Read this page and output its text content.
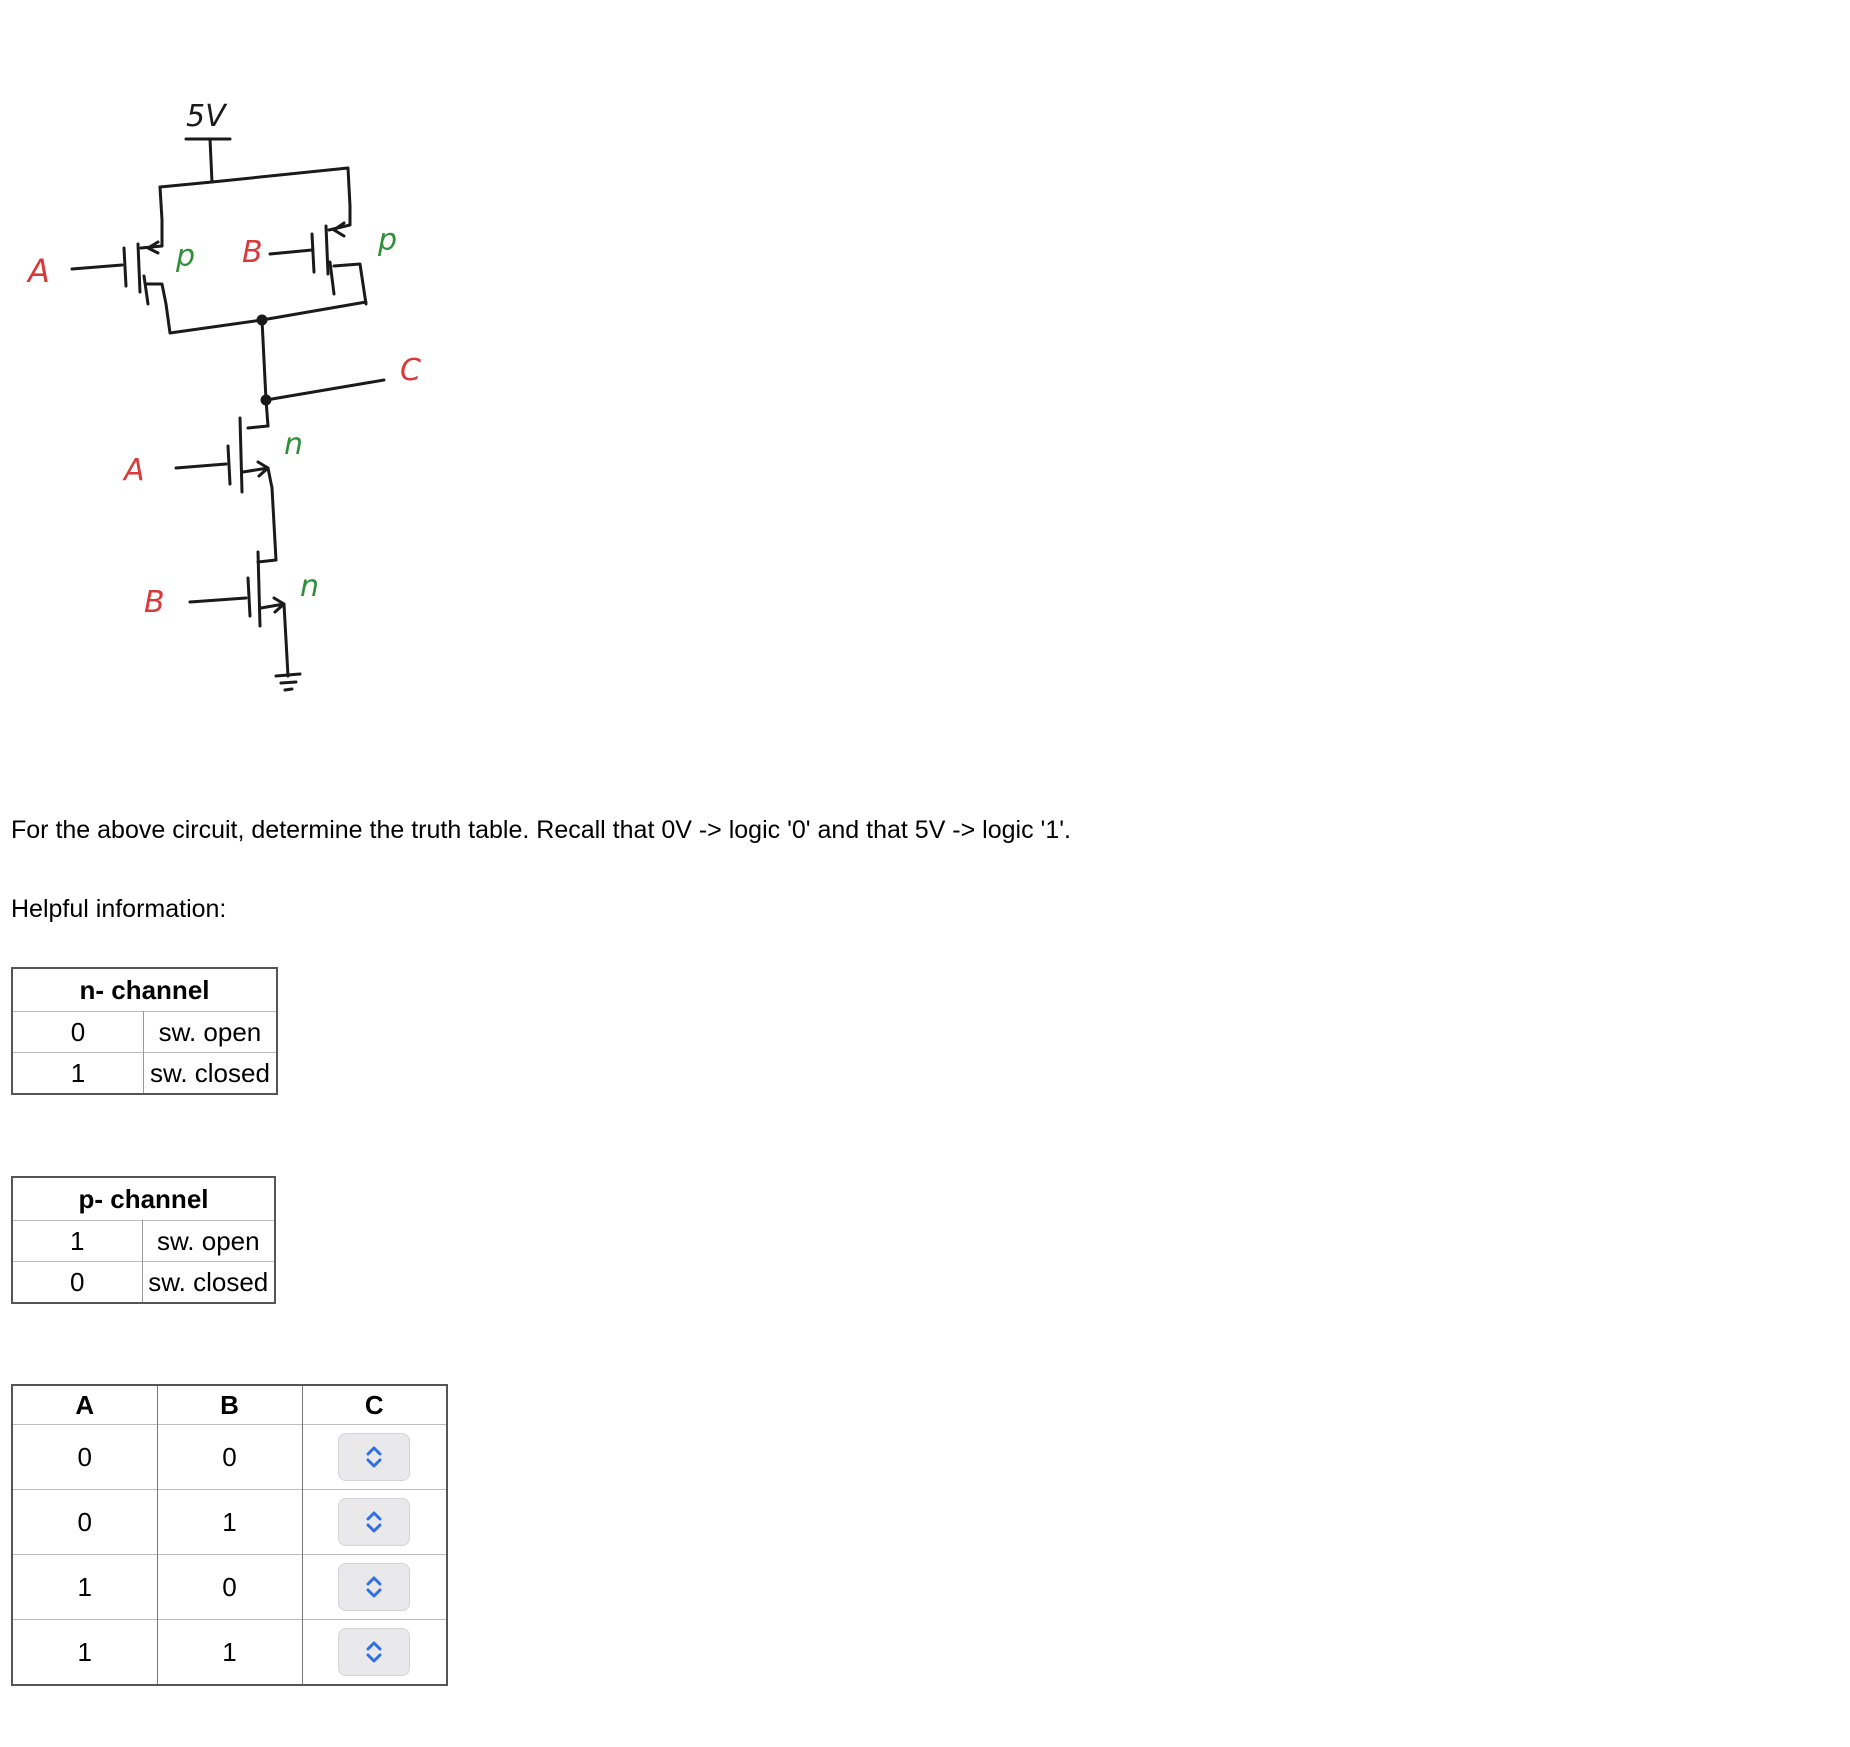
5V
A	p B	p
C
A
n
B	n
For the above circuit, determine the truth table. Recall that 0V -> logic '0' and that 5V -> logic '1'.
Helpful information:
n- channel	
0	sw. open
1	sw. closed
p- channel	
1	sw. open
0	sw. closed
A	B	C
0	0	

0	1	

1	0	

1	1	
